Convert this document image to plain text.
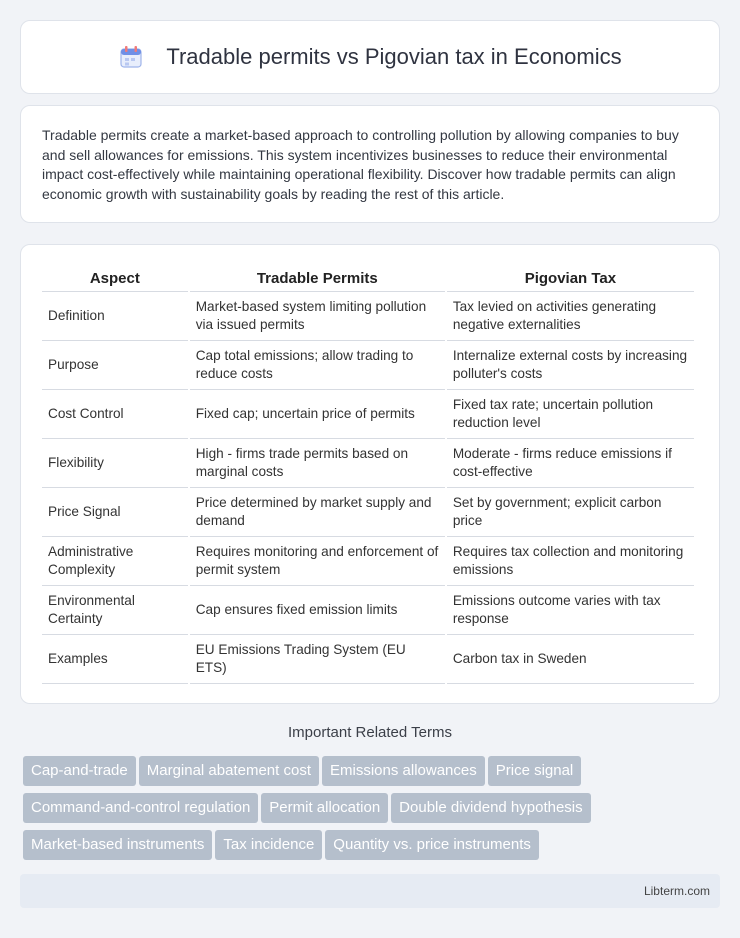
Tradable permits vs Pigovian tax in Economics

Tradable permits create a market-based approach to controlling pollution by allowing companies to buy and sell allowances for emissions. This system incentivizes businesses to reduce their environmental impact cost-effectively while maintaining operational flexibility. Discover how tradable permits can align economic growth with sustainability goals by reading the rest of this article.

Aspect	Tradable Permits	Pigovian Tax
Definition	Market-based system limiting pollution via issued permits	Tax levied on activities generating negative externalities
Purpose	Cap total emissions; allow trading to reduce costs	Internalize external costs by increasing polluter's costs
Cost Control	Fixed cap; uncertain price of permits	Fixed tax rate; uncertain pollution reduction level
Flexibility	High - firms trade permits based on marginal costs	Moderate - firms reduce emissions if cost-effective
Price Signal	Price determined by market supply and demand	Set by government; explicit carbon price
Administrative Complexity	Requires monitoring and enforcement of permit system	Requires tax collection and monitoring emissions
Environmental Certainty	Cap ensures fixed emission limits	Emissions outcome varies with tax response
Examples	EU Emissions Trading System (EU ETS)	Carbon tax in Sweden
Important Related Terms
Cap-and-trade Marginal abatement cost Emissions allowances Price signal Command-and-control regulation Permit allocation Double dividend hypothesis Market-based instruments Tax incidence Quantity vs. price instruments
Libterm.com
